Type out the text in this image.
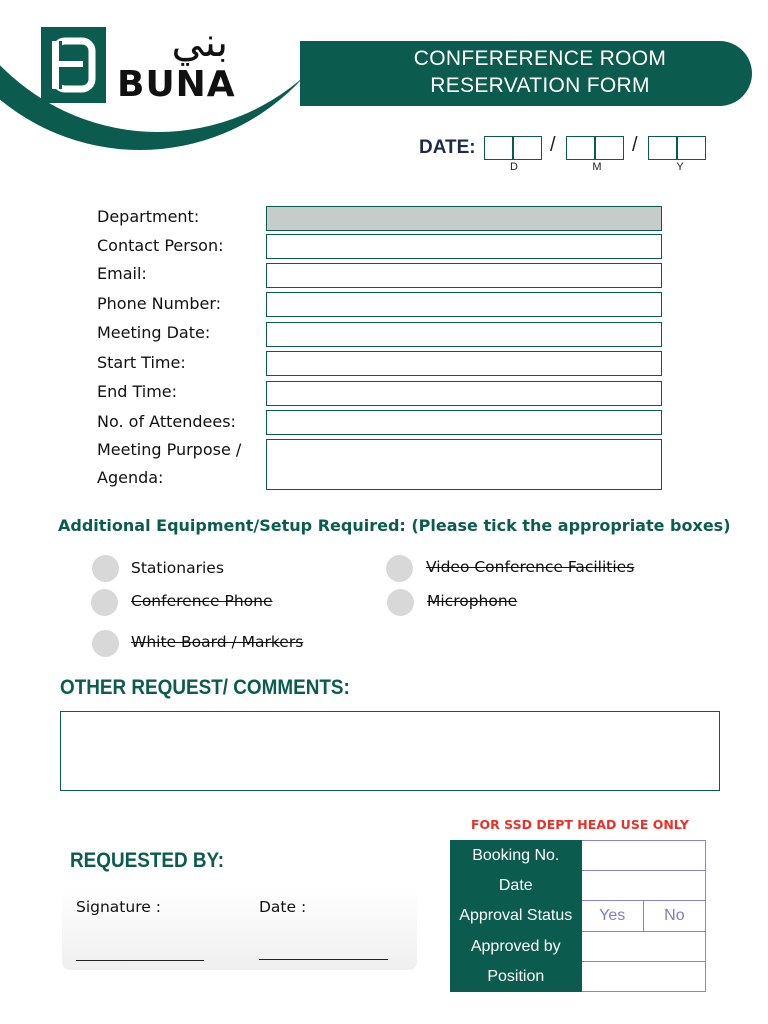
بني
BUNA
CONFERERENCE ROOM
RESERVATION FORM
DATE:	/	/
D	M	Y
Department:
Contact Person:
Email:
Phone Number:
Meeting Date:
Start Time:
End Time:
No. of Attendees:
Meeting Purpose /
Agenda:
Additional Equipment/Setup Required: (Please tick the appropriate boxes)
Stationaries	Video Conference Facilities
Conference Phone	Microphone
White Board / Markers
OTHER REQUEST/ COMMENTS:
REQUESTED BY:
Signature :	Date :
FOR SSD DEPT HEAD USE ONLY
Booking No.	
Date	
Approval Status	Yes No

Approved by	
Position	
